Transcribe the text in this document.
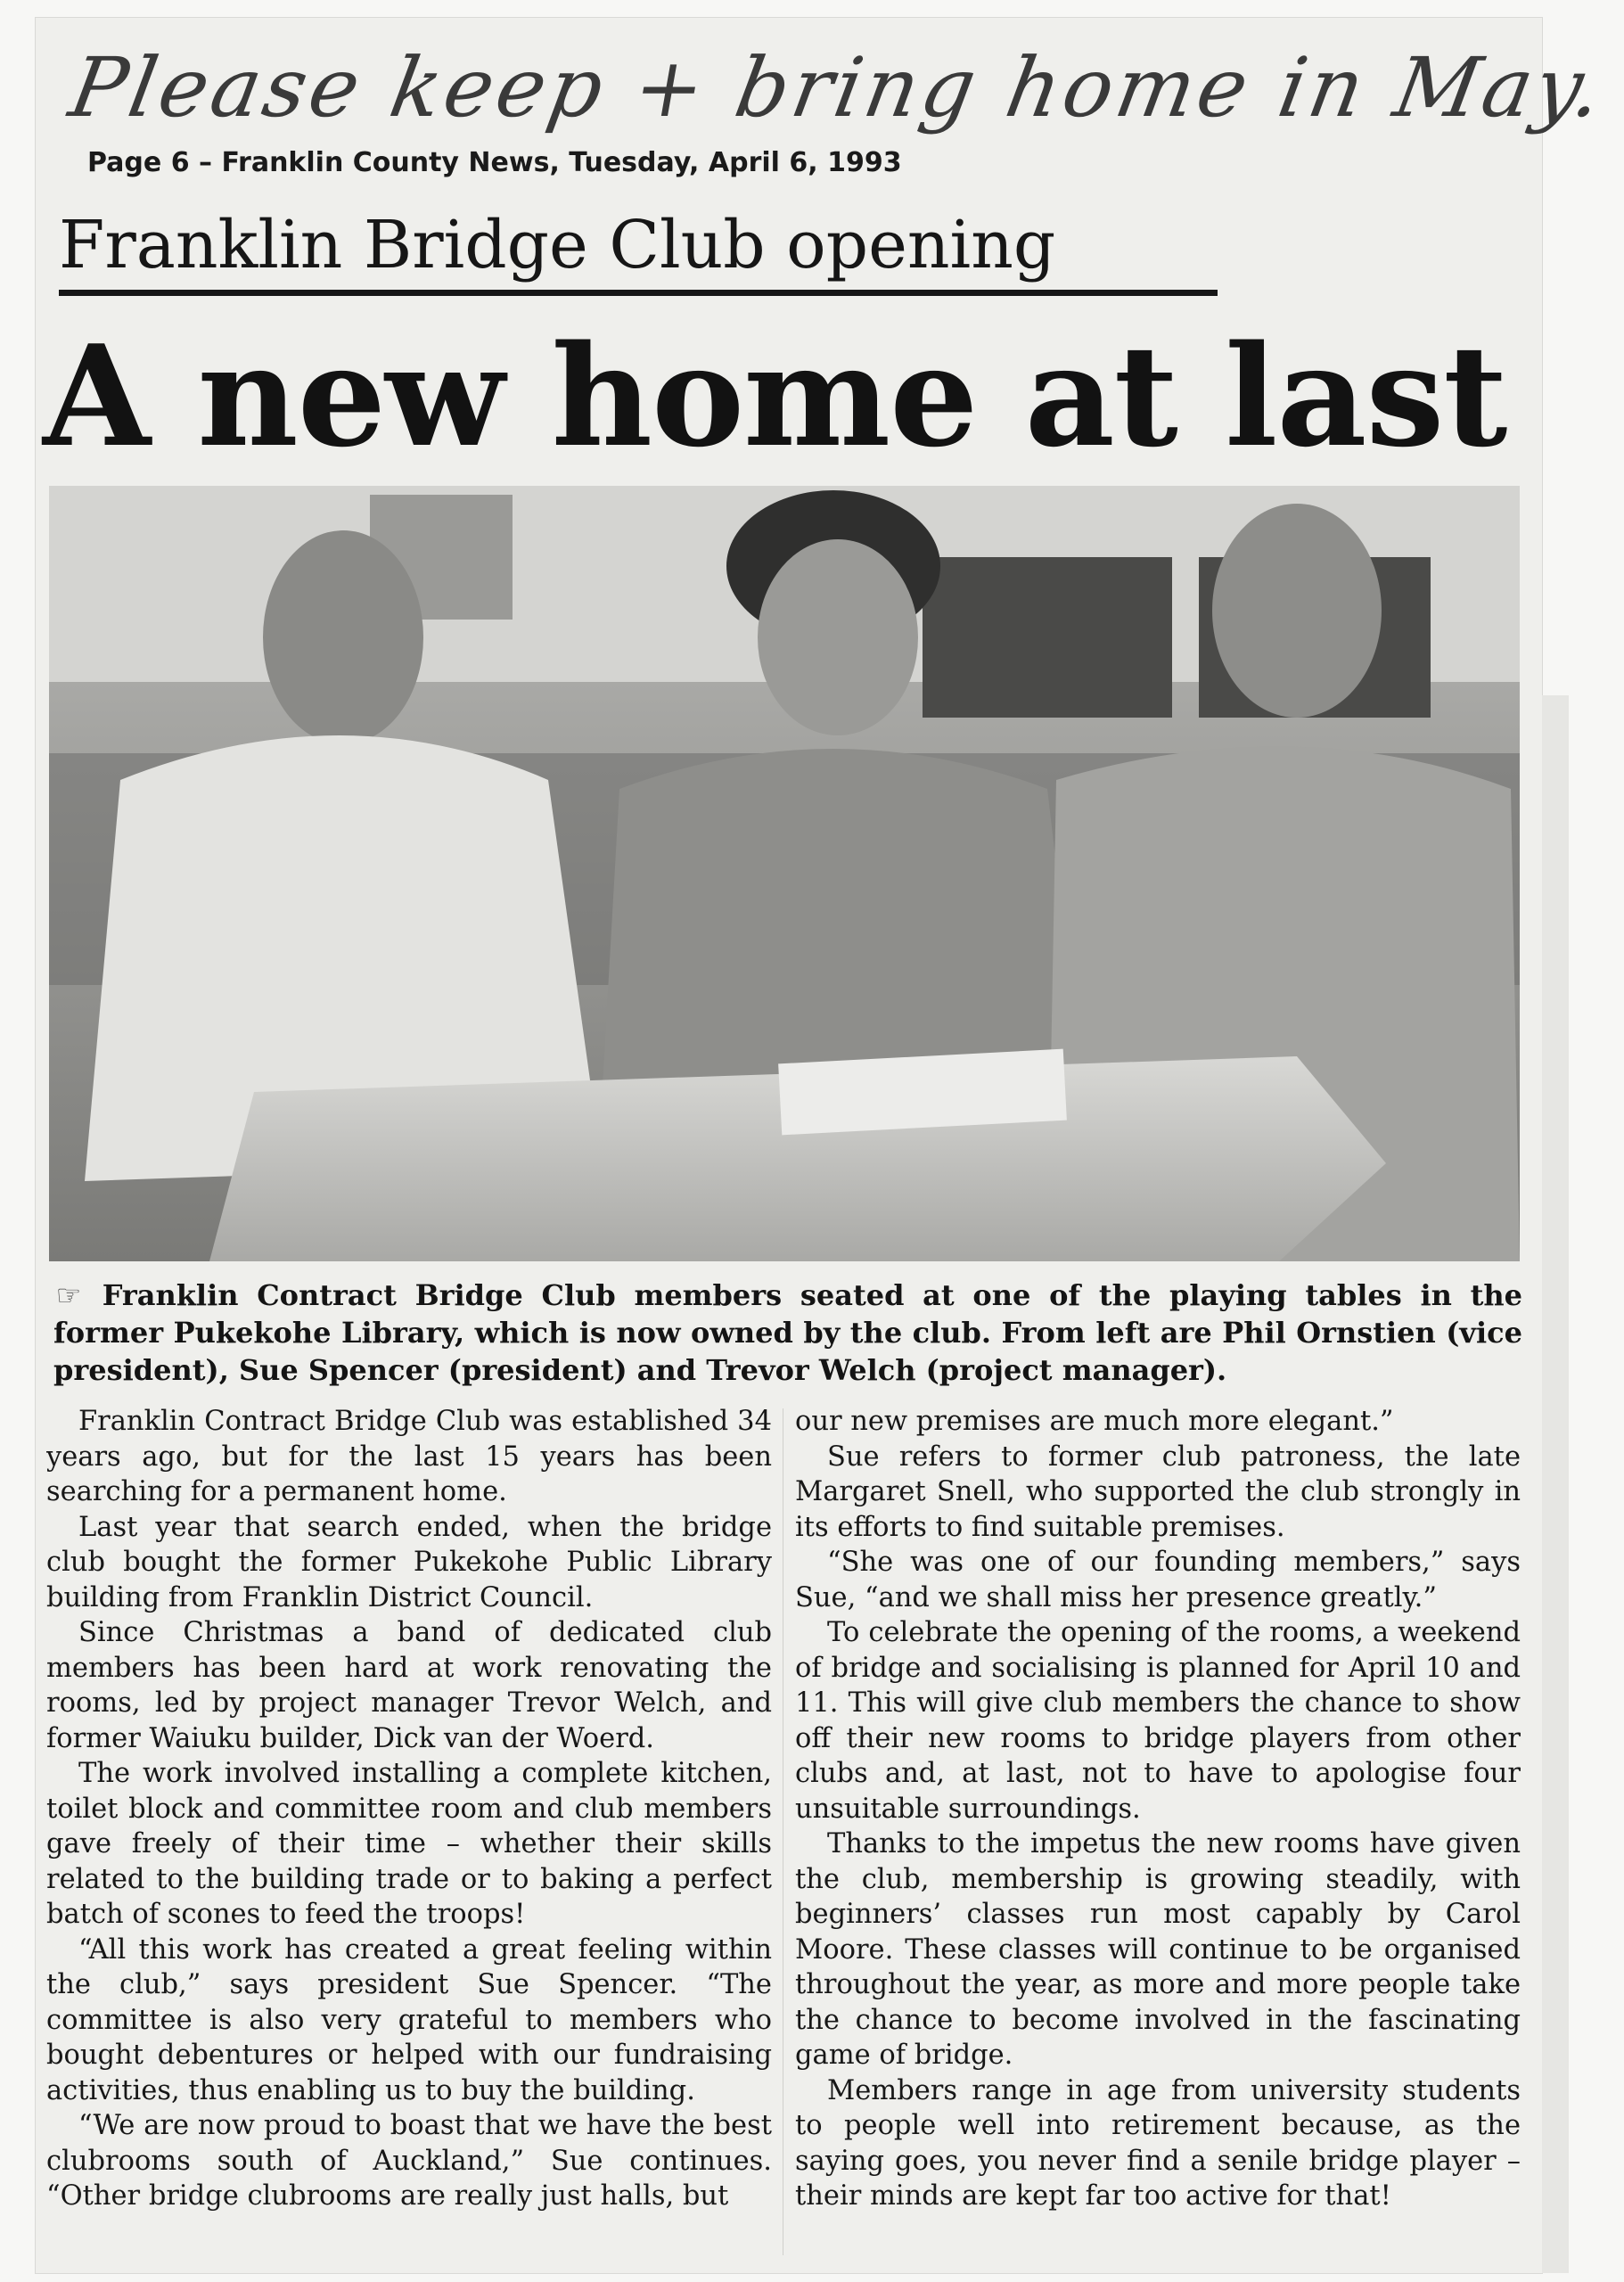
Please keep + bring home in May.
Page 6 – Franklin County News, Tuesday, April 6, 1993
Franklin Bridge Club opening
A new home at last
☞ Franklin Contract Bridge Club members seated at one of the playing tables in the former Pukekohe Library, which is now owned by the club. From left are Phil Ornstien (vice president), Sue Spencer (president) and Trevor Welch (project manager).

Franklin Contract Bridge Club was established 34 years ago, but for the last 15 years has been searching for a permanent home.

Last year that search ended, when the bridge club bought the former Pukekohe Public Library building from Franklin District Council.

Since Christmas a band of dedicated club members has been hard at work renovating the rooms, led by project manager Trevor Welch, and former Waiuku builder, Dick van der Woerd.

The work involved installing a complete kitchen, toilet block and committee room and club members gave freely of their time – whether their skills related to the building trade or to baking a perfect batch of scones to feed the troops!

“All this work has created a great feeling within the club,” says president Sue Spencer. “The committee is also very grateful to members who bought debentures or helped with our fundraising activities, thus enabling us to buy the building.

“We are now proud to boast that we have the best clubrooms south of Auckland,” Sue continues. “Other bridge clubrooms are really just halls, but

our new premises are much more elegant.”

Sue refers to former club patroness, the late Margaret Snell, who supported the club strongly in its efforts to find suitable premises.

“She was one of our founding members,” says Sue, “and we shall miss her presence greatly.”

To celebrate the opening of the rooms, a weekend of bridge and socialising is planned for April 10 and 11. This will give club members the chance to show off their new rooms to bridge players from other clubs and, at last, not to have to apologise four unsuitable surroundings.

Thanks to the impetus the new rooms have given the club, membership is growing steadily, with beginners’ classes run most capably by Carol Moore. These classes will continue to be organised throughout the year, as more and more people take the chance to become involved in the fascinating game of bridge.

Members range in age from university students to people well into retirement because, as the saying goes, you never find a senile bridge player – their minds are kept far too active for that!
